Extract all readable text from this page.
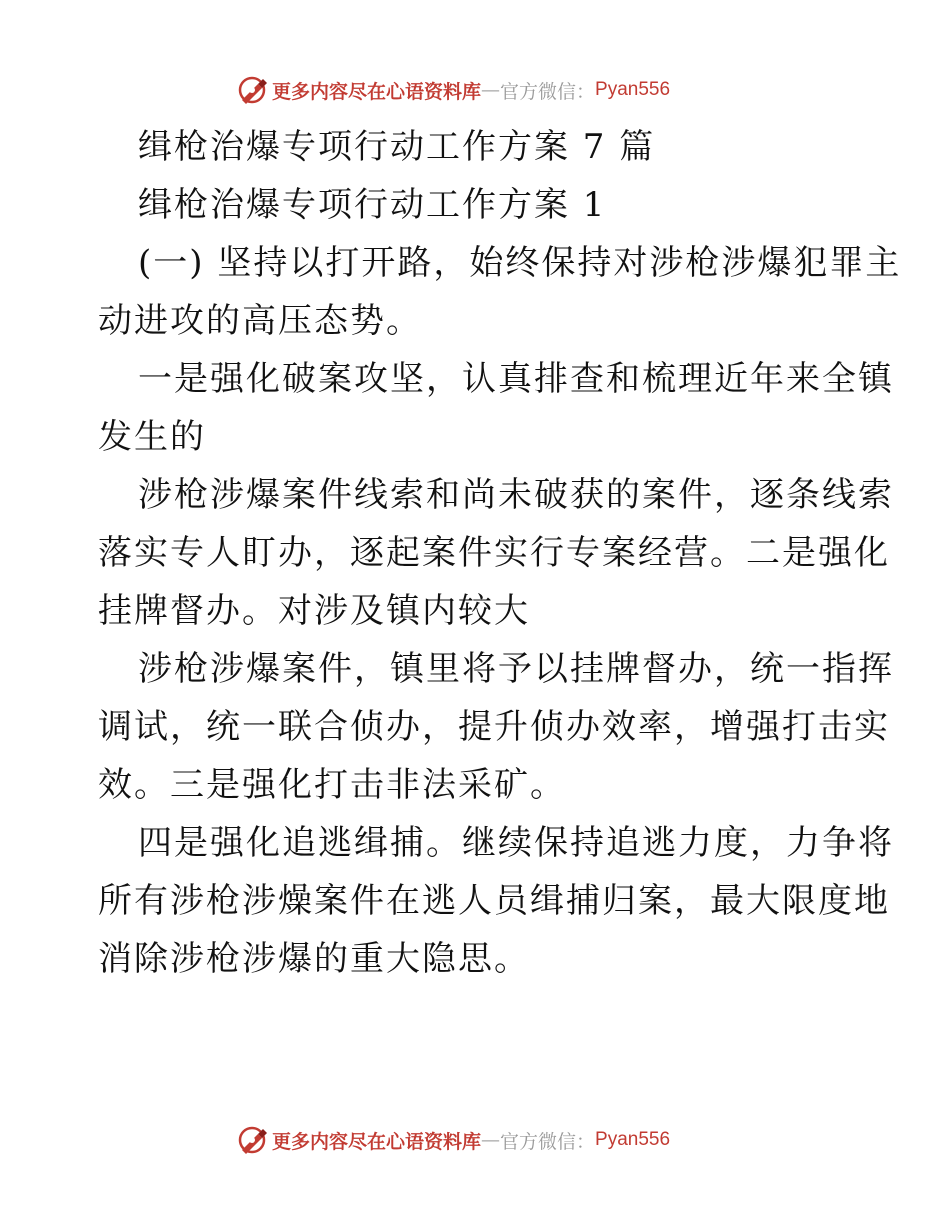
更多内容尽在心语资料库 — 官方微信： Pyan556
缉枪治爆专项行动工作方案 7 篇
缉枪治爆专项行动工作方案 1
(一) 坚持以打开路，始终保持对涉枪涉爆犯罪主
动进攻的高压态势。
一是强化破案攻坚，认真排查和梳理近年来全镇
发生的
涉枪涉爆案件线索和尚未破获的案件，逐条线索
落实专人盯办，逐起案件实行专案经营。二是强化
挂牌督办。对涉及镇内较大
涉枪涉爆案件，镇里将予以挂牌督办，统一指挥
调试，统一联合侦办，提升侦办效率，增强打击实
效。三是强化打击非法采矿。
四是强化追逃缉捕。继续保持追逃力度，力争将
所有涉枪涉燥案件在逃人员缉捕归案，最大限度地
消除涉枪涉爆的重大隐思。
更多内容尽在心语资料库 — 官方微信： Pyan556
